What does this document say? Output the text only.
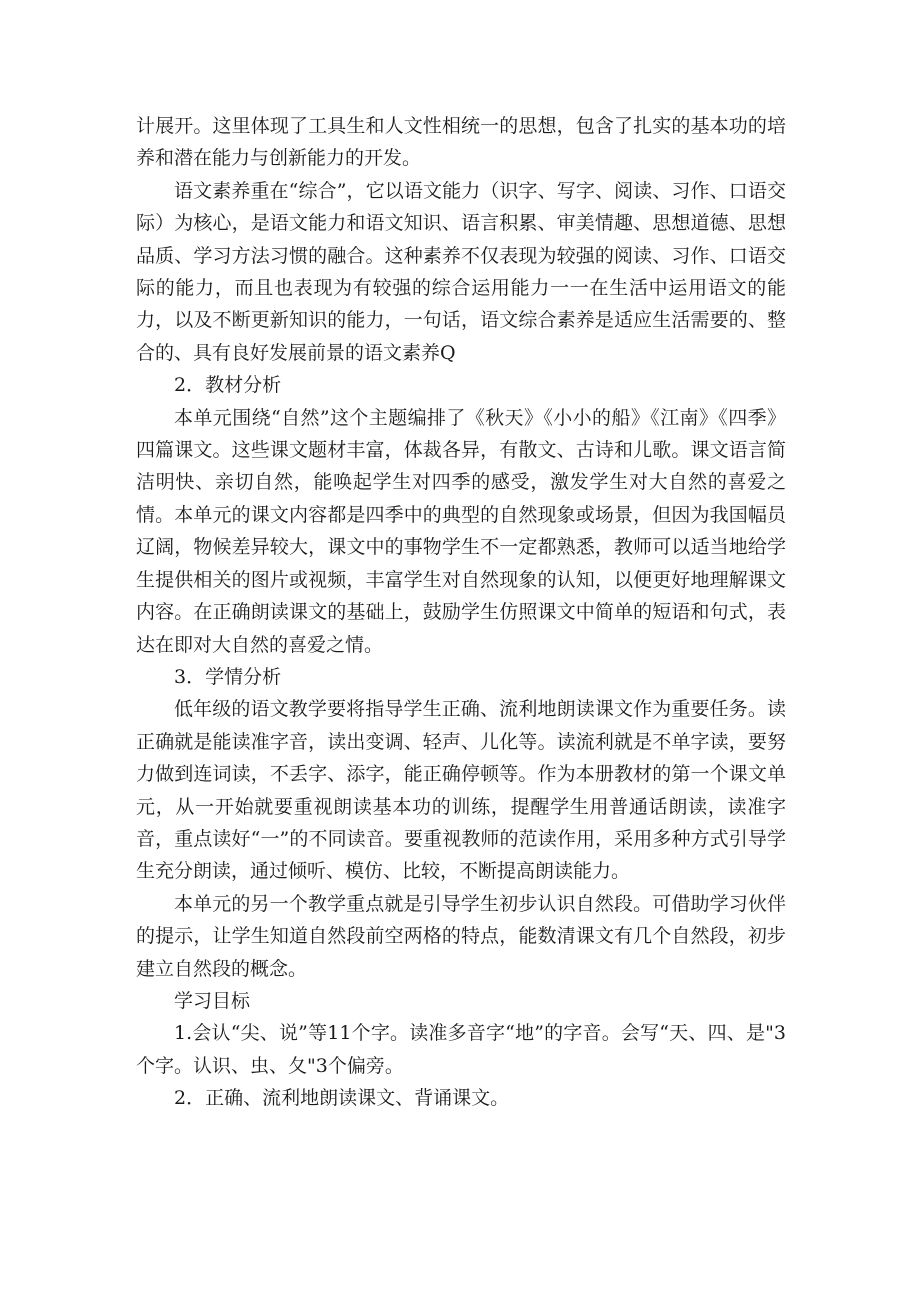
计展开。这里体现了工具生和人文性相统一的思想，包含了扎实的基本功的培养和潜在能力与创新能力的开发。

语文素养重在“综合”，它以语文能力（识字、写字、阅读、习作、口语交际）为核心，是语文能力和语文知识、语言积累、审美情趣、思想道德、思想品质、学习方法习惯的融合。这种素养不仅表现为较强的阅读、习作、口语交际的能力，而且也表现为有较强的综合运用能力一一在生活中运用语文的能力，以及不断更新知识的能力，一句话，语文综合素养是适应生活需要的、整合的、具有良好发展前景的语文素养Q

2．教材分析

本单元围绕“自然”这个主题编排了《秋天》《小小的船》《江南》《四季》四篇课文。这些课文题材丰富，体裁各异，有散文、古诗和儿歌。课文语言简洁明快、亲切自然，能唤起学生对四季的感受，激发学生对大自然的喜爱之情。本单元的课文内容都是四季中的典型的自然现象或场景，但因为我国幅员辽阔，物候差异较大，课文中的事物学生不一定都熟悉，教师可以适当地给学生提供相关的图片或视频，丰富学生对自然现象的认知，以便更好地理解课文内容。在正确朗读课文的基础上，鼓励学生仿照课文中简单的短语和句式，表达在即对大自然的喜爱之情。

3．学情分析

低年级的语文教学要将指导学生正确、流利地朗读课文作为重要任务。读正确就是能读准字音，读出变调、轻声、儿化等。读流利就是不单字读，要努力做到连词读，不丢字、添字，能正确停顿等。作为本册教材的第一个课文单元，从一开始就要重视朗读基本功的训练，提醒学生用普通话朗读，读准字音，重点读好“一”的不同读音。要重视教师的范读作用，采用多种方式引导学生充分朗读，通过倾听、模仿、比较，不断提高朗读能力。

本单元的另一个教学重点就是引导学生初步认识自然段。可借助学习伙伴的提示，让学生知道自然段前空两格的特点，能数清课文有几个自然段，初步建立自然段的概念。

学习目标

1.会认“尖、说”等11个字。读准多音字“地”的字音。会写“天、四、是"3个字。认识、虫、夂"3个偏旁。

2．正确、流利地朗读课文、背诵课文。
